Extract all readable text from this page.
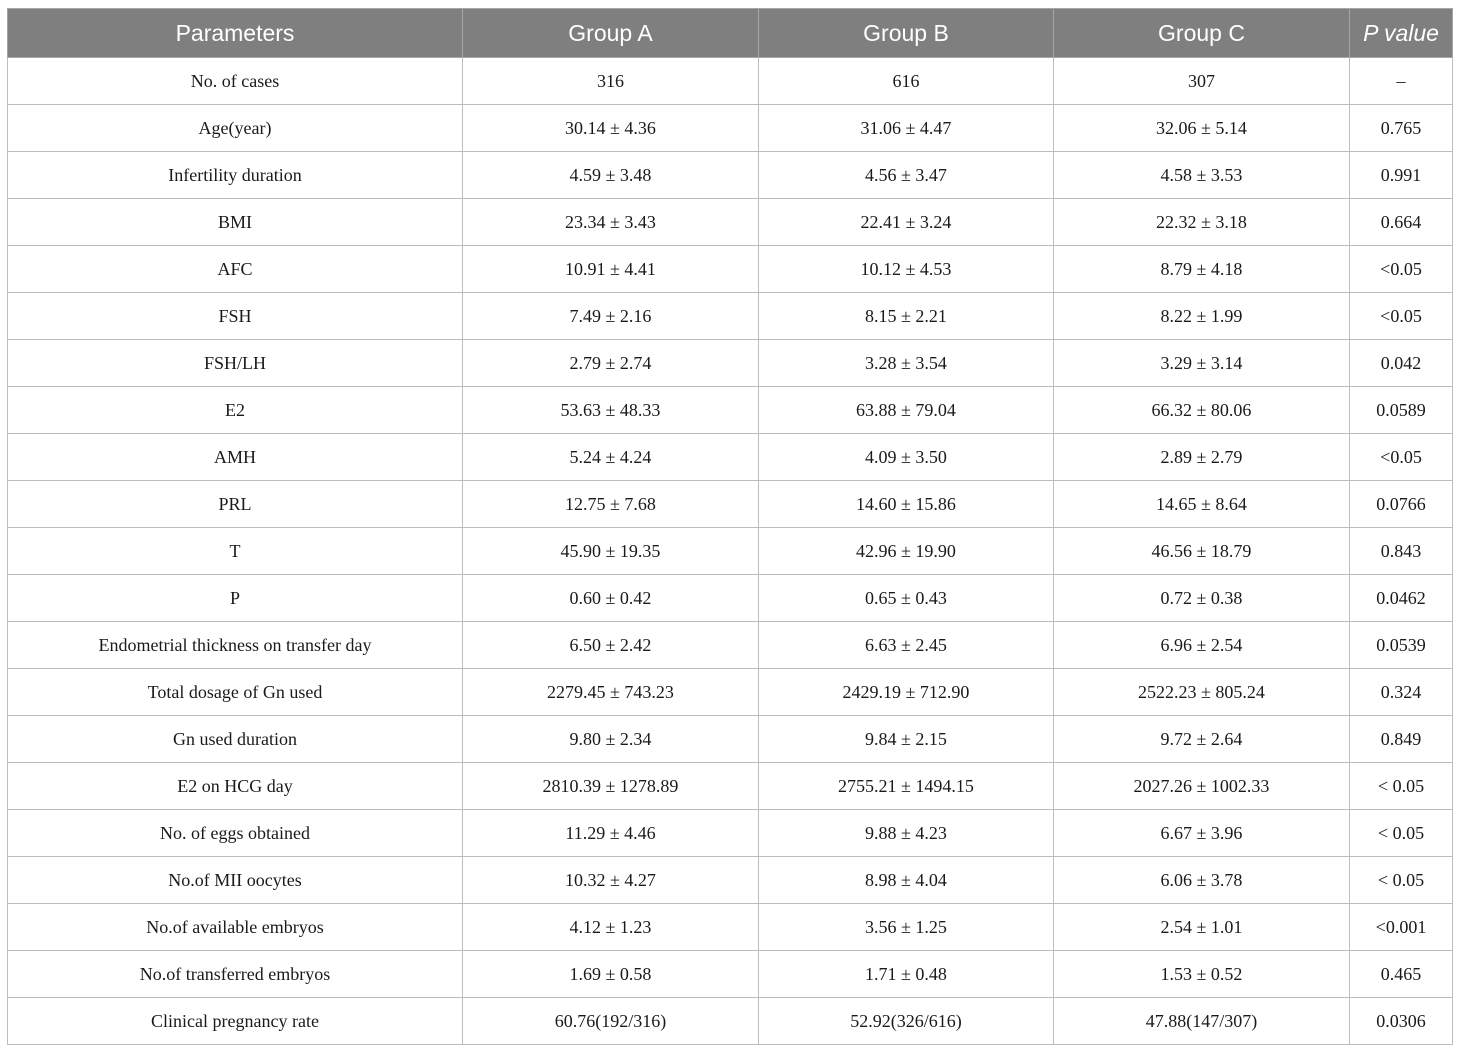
Parameters	Group A	Group B	Group C	P value
No. of cases	316	616	307	–
Age(year)	30.14 ± 4.36	31.06 ± 4.47	32.06 ± 5.14	0.765
Infertility duration	4.59 ± 3.48	4.56 ± 3.47	4.58 ± 3.53	0.991
BMI	23.34 ± 3.43	22.41 ± 3.24	22.32 ± 3.18	0.664
AFC	10.91 ± 4.41	10.12 ± 4.53	8.79 ± 4.18	<0.05
FSH	7.49 ± 2.16	8.15 ± 2.21	8.22 ± 1.99	<0.05
FSH/LH	2.79 ± 2.74	3.28 ± 3.54	3.29 ± 3.14	0.042
E2	53.63 ± 48.33	63.88 ± 79.04	66.32 ± 80.06	0.0589
AMH	5.24 ± 4.24	4.09 ± 3.50	2.89 ± 2.79	<0.05
PRL	12.75 ± 7.68	14.60 ± 15.86	14.65 ± 8.64	0.0766
T	45.90 ± 19.35	42.96 ± 19.90	46.56 ± 18.79	0.843
P	0.60 ± 0.42	0.65 ± 0.43	0.72 ± 0.38	0.0462
Endometrial thickness on transfer day	6.50 ± 2.42	6.63 ± 2.45	6.96 ± 2.54	0.0539
Total dosage of Gn used	2279.45 ± 743.23	2429.19 ± 712.90	2522.23 ± 805.24	0.324
Gn used duration	9.80 ± 2.34	9.84 ± 2.15	9.72 ± 2.64	0.849
E2 on HCG day	2810.39 ± 1278.89	2755.21 ± 1494.15	2027.26 ± 1002.33	< 0.05
No. of eggs obtained	11.29 ± 4.46	9.88 ± 4.23	6.67 ± 3.96	< 0.05
No.of MII oocytes	10.32 ± 4.27	8.98 ± 4.04	6.06 ± 3.78	< 0.05
No.of available embryos	4.12 ± 1.23	3.56 ± 1.25	2.54 ± 1.01	<0.001
No.of transferred embryos	1.69 ± 0.58	1.71 ± 0.48	1.53 ± 0.52	0.465
Clinical pregnancy rate	60.76(192/316)	52.92(326/616)	47.88(147/307)	0.0306
